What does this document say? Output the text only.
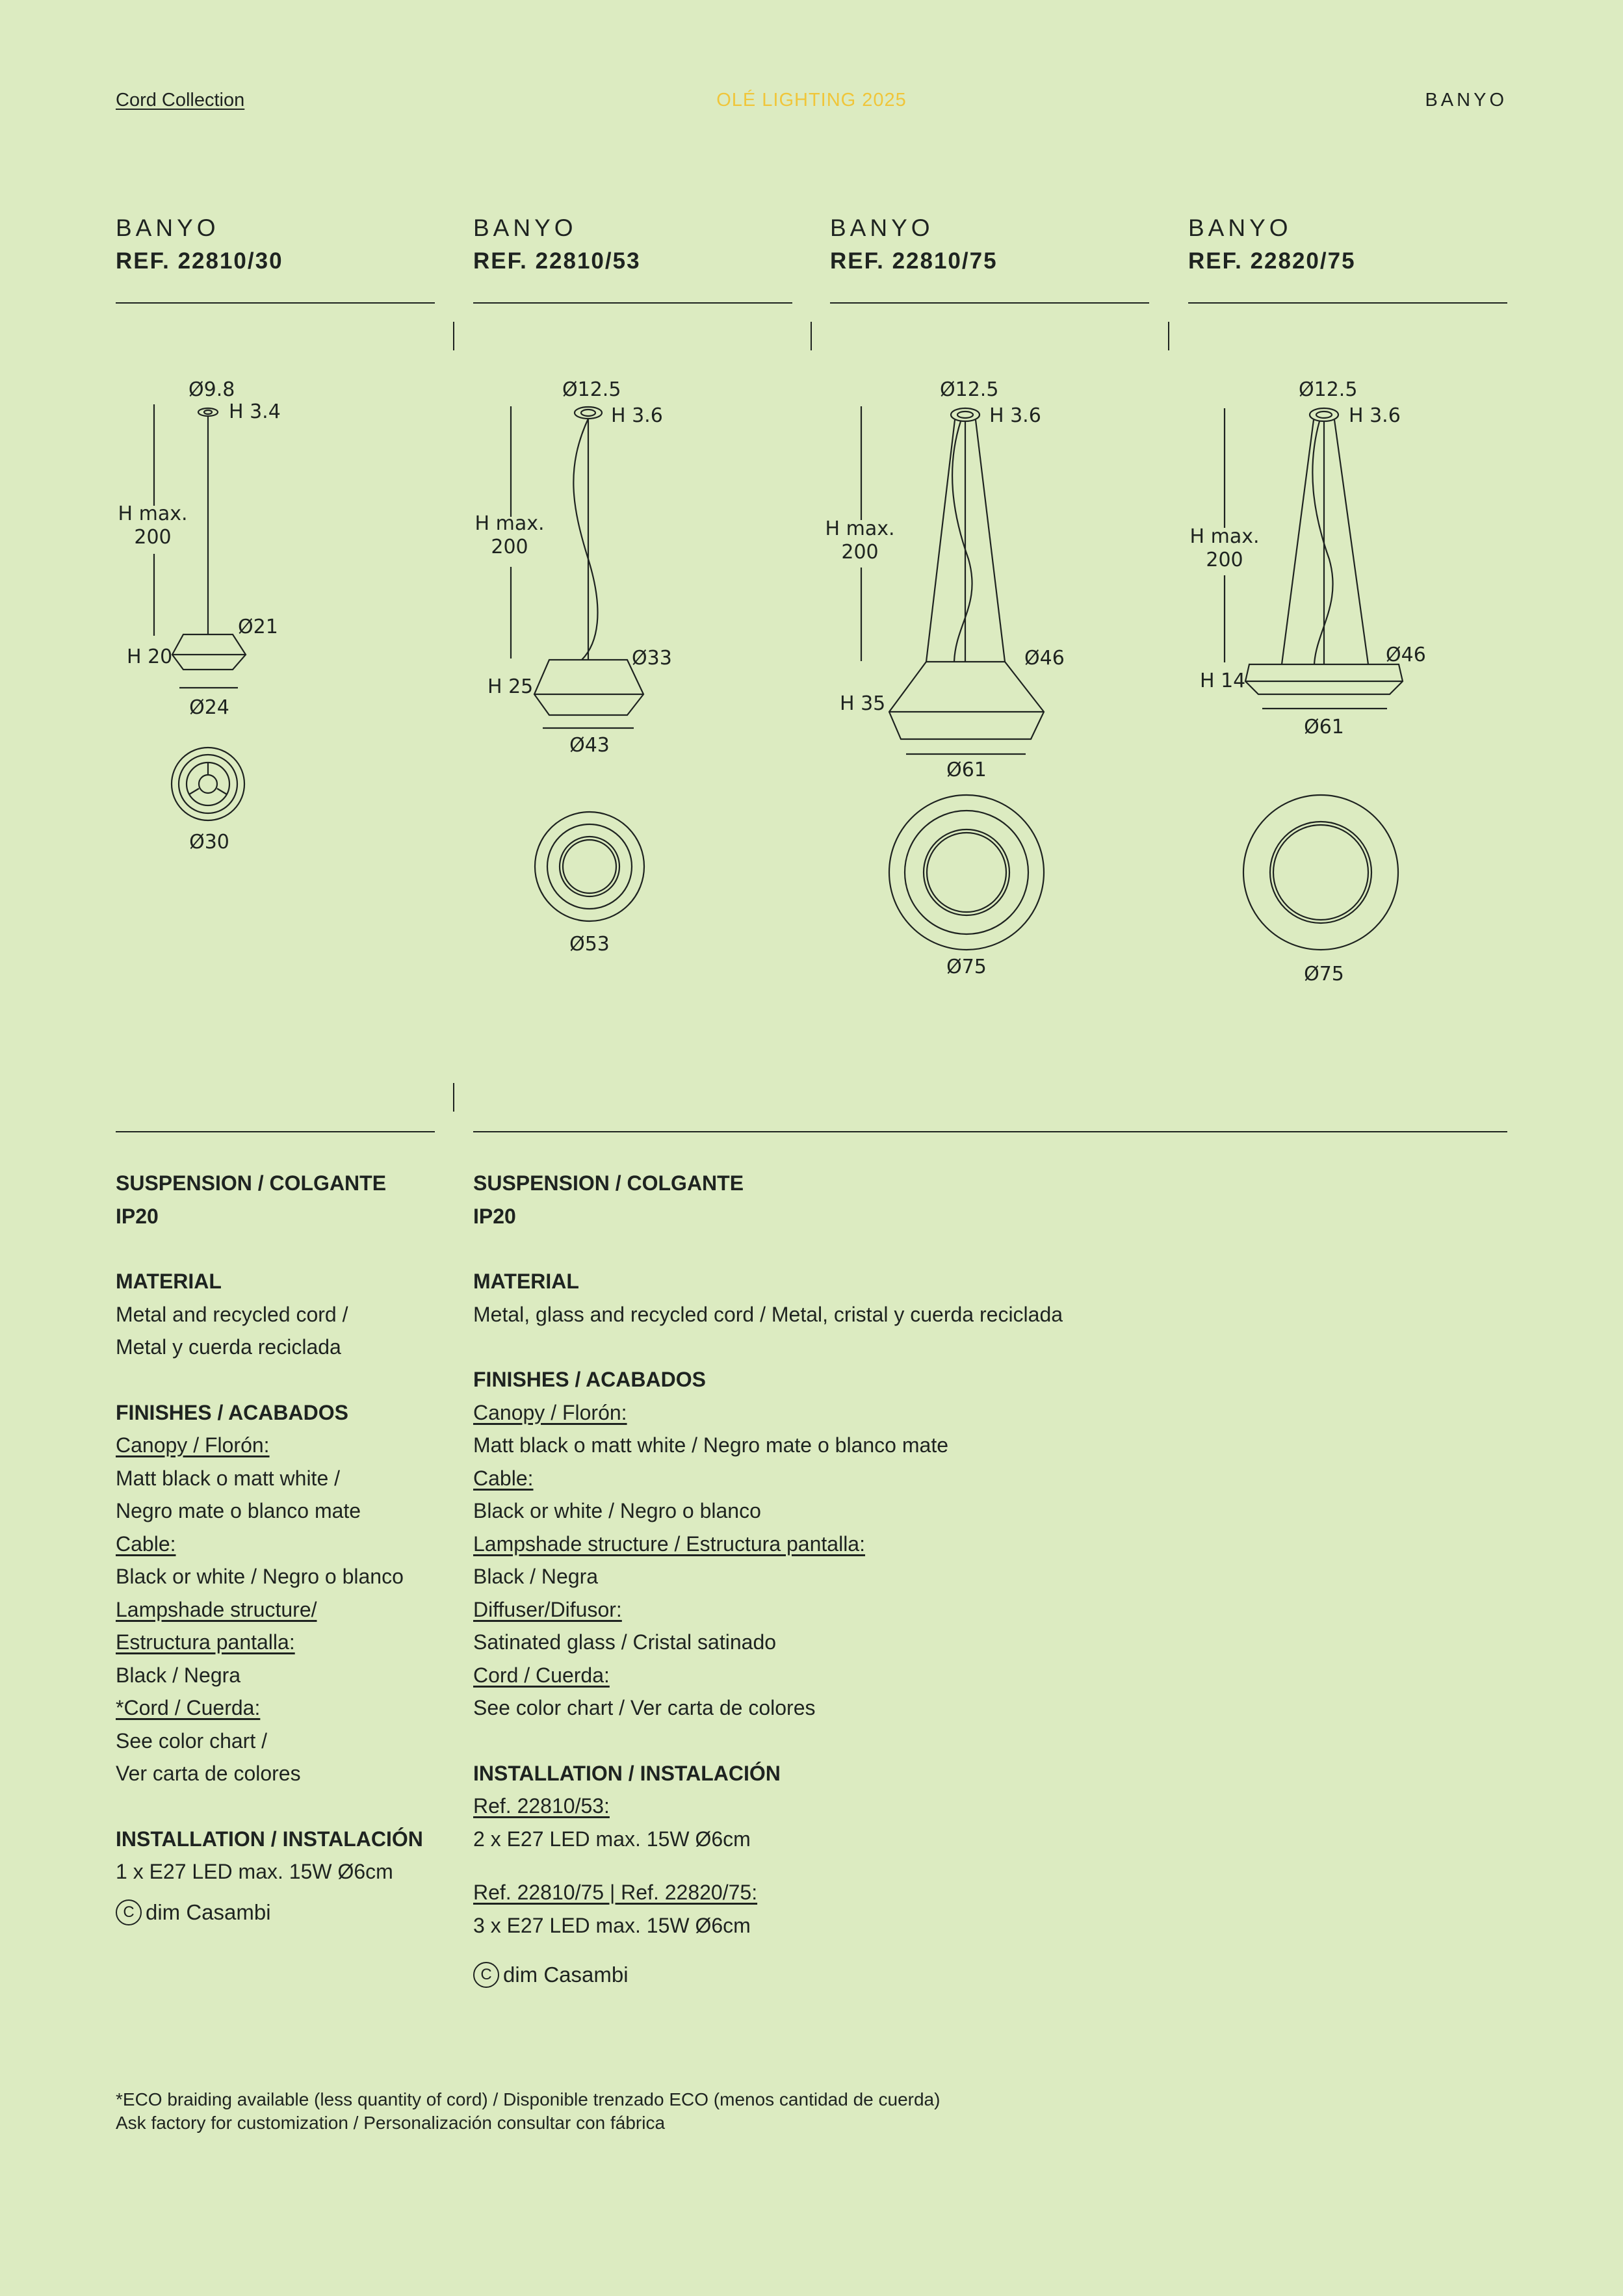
Cord Collection	OLÉ LIGHTING 2025	BANYO
BANYO
REF. 22810/30
BANYO
REF. 22810/53
BANYO
REF. 22810/75
BANYO
REF. 22820/75
Ø9.8
H 3.4
H max.
200
Ø21
H 20
Ø24
Ø30
Ø12.5
H 3.6
H max.
200
Ø33
H 25
Ø43
Ø53
Ø12.5
H 3.6
H max.
200
Ø46
H 35
Ø61
Ø75
Ø12.5
H 3.6
H max.
200
Ø46
H 14
Ø61
Ø75
SUSPENSION / COLGANTE
IP20
MATERIAL
Metal and recycled cord /
Metal y cuerda reciclada
FINISHES / ACABADOS
Canopy / Florón:
Matt black o matt white /
Negro mate o blanco mate
Cable:
Black or white / Negro o blanco
Lampshade structure/
Estructura pantalla:
Black / Negra
*Cord / Cuerda:
See color chart /
Ver carta de colores
INSTALLATION / INSTALACIÓN
1 x E27 LED max. 15W Ø6cm
C dim Casambi
SUSPENSION / COLGANTE
IP20
MATERIAL
Metal, glass and recycled cord / Metal, cristal y cuerda reciclada
FINISHES / ACABADOS
Canopy / Florón:
Matt black o matt white / Negro mate o blanco mate
Cable:
Black or white / Negro o blanco
Lampshade structure / Estructura pantalla:
Black / Negra
Diffuser/Difusor:
Satinated glass / Cristal satinado
Cord / Cuerda:
See color chart / Ver carta de colores
INSTALLATION / INSTALACIÓN
Ref. 22810/53:
2 x E27 LED max. 15W Ø6cm
Ref. 22810/75 | Ref. 22820/75:
3 x E27 LED max. 15W Ø6cm
C dim Casambi
*ECO braiding available (less quantity of cord) / Disponible trenzado ECO (menos cantidad de cuerda)
Ask factory for customization / Personalización consultar con fábrica
